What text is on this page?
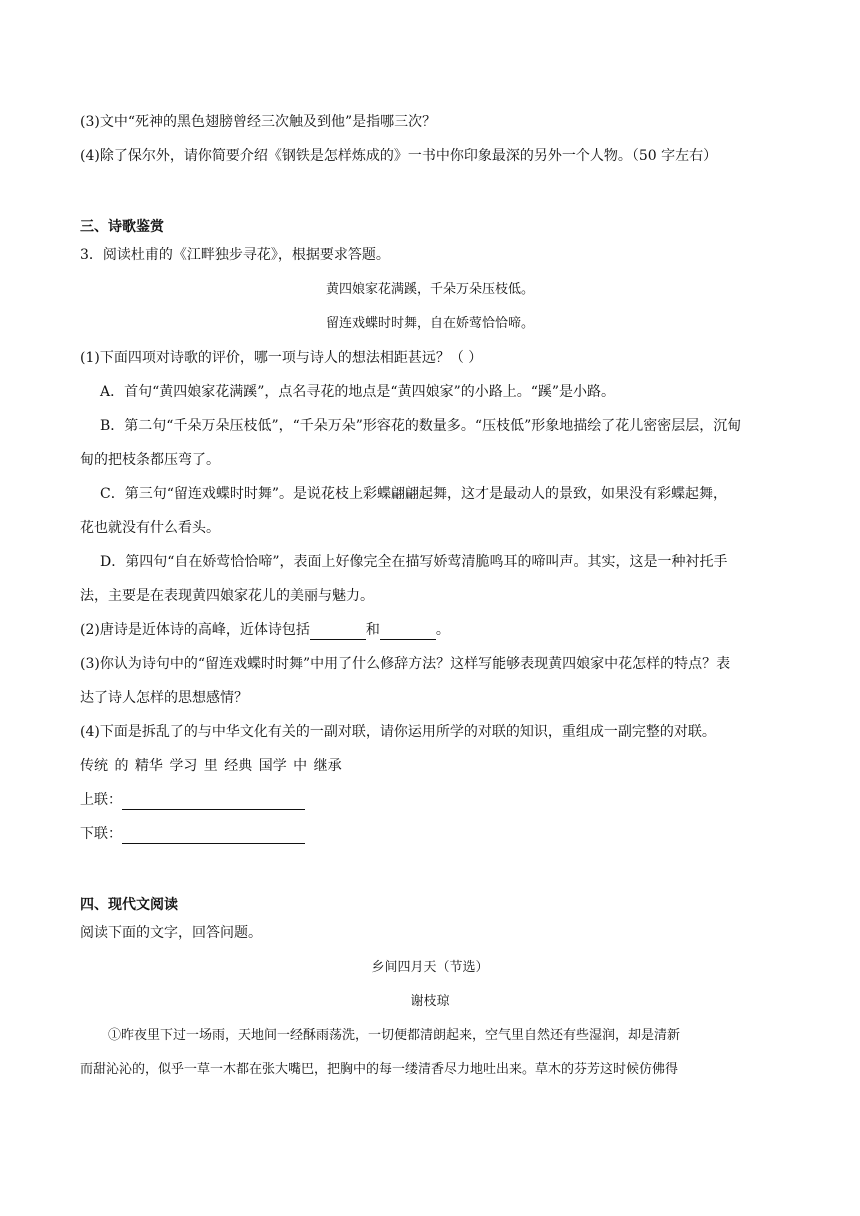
(3)文中“死神的黑色翅膀曾经三次触及到他”是指哪三次？
(4)除了保尔外，请你简要介绍《钢铁是怎样炼成的》一书中你印象最深的另外一个人物。（50 字左右）
三、诗歌鉴赏
3．阅读杜甫的《江畔独步寻花》，根据要求答题。
黄四娘家花满蹊，千朵万朵压枝低。
留连戏蝶时时舞，自在娇莺恰恰啼。
(1)下面四项对诗歌的评价，哪一项与诗人的想法相距甚远？（ ）
A．首句“黄四娘家花满蹊”，点名寻花的地点是“黄四娘家”的小路上。“蹊”是小路。
B．第二句“千朵万朵压枝低”，“千朵万朵”形容花的数量多。“压枝低”形象地描绘了花儿密密层层，沉甸
甸的把枝条都压弯了。
C．第三句“留连戏蝶时时舞”。是说花枝上彩蝶翩翩起舞，这才是最动人的景致，如果没有彩蝶起舞，
花也就没有什么看头。
D．第四句“自在娇莺恰恰啼”，表面上好像完全在描写娇莺清脆鸣耳的啼叫声。其实，这是一种衬托手
法，主要是在表现黄四娘家花儿的美丽与魅力。
(2)唐诗是近体诗的高峰，近体诗包括	和	。
(3)你认为诗句中的“留连戏蝶时时舞”中用了什么修辞方法？这样写能够表现黄四娘家中花怎样的特点？表
达了诗人怎样的思想感情？
(4)下面是拆乱了的与中华文化有关的一副对联，请你运用所学的对联的知识，重组成一副完整的对联。
传统 的 精华 学习 里 经典 国学 中 继承
上联：
下联：
四、现代文阅读
阅读下面的文字，回答问题。
乡间四月天（节选）
谢枝琼
①昨夜里下过一场雨，天地间一经酥雨荡洗，一切便都清朗起来，空气里自然还有些湿润，却是清新
而甜沁沁的，似乎一草一木都在张大嘴巴，把胸中的每一缕清香尽力地吐出来。草木的芬芳这时候仿佛得
